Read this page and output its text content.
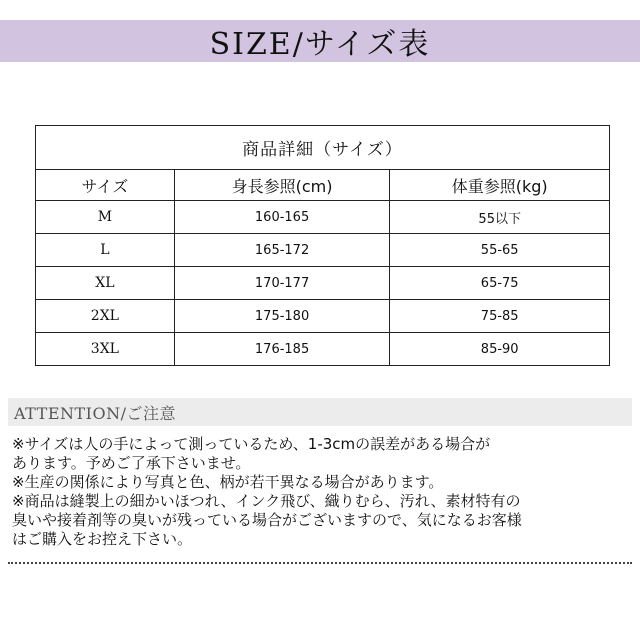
SIZE/サイズ表
商品詳細（サイズ）		
サイズ	身長参照(cm)	体重参照(kg)
M	160-165	55以下
L	165-172	55-65
XL	170-177	65-75
2XL	175-180	75-85
3XL	176-185	85-90
ATTENTION/ご注意

※サイズは人の手によって測っているため、1-3cmの誤差がある場合が

あります。予めご了承下さいませ。

※生産の関係により写真と色、柄が若干異なる場合があります。

※商品は縫製上の細かいほつれ、インク飛び、織りむら、汚れ、素材特有の

臭いや接着剤等の臭いが残っている場合がございますので、気になるお客様

はご購入をお控え下さい。
